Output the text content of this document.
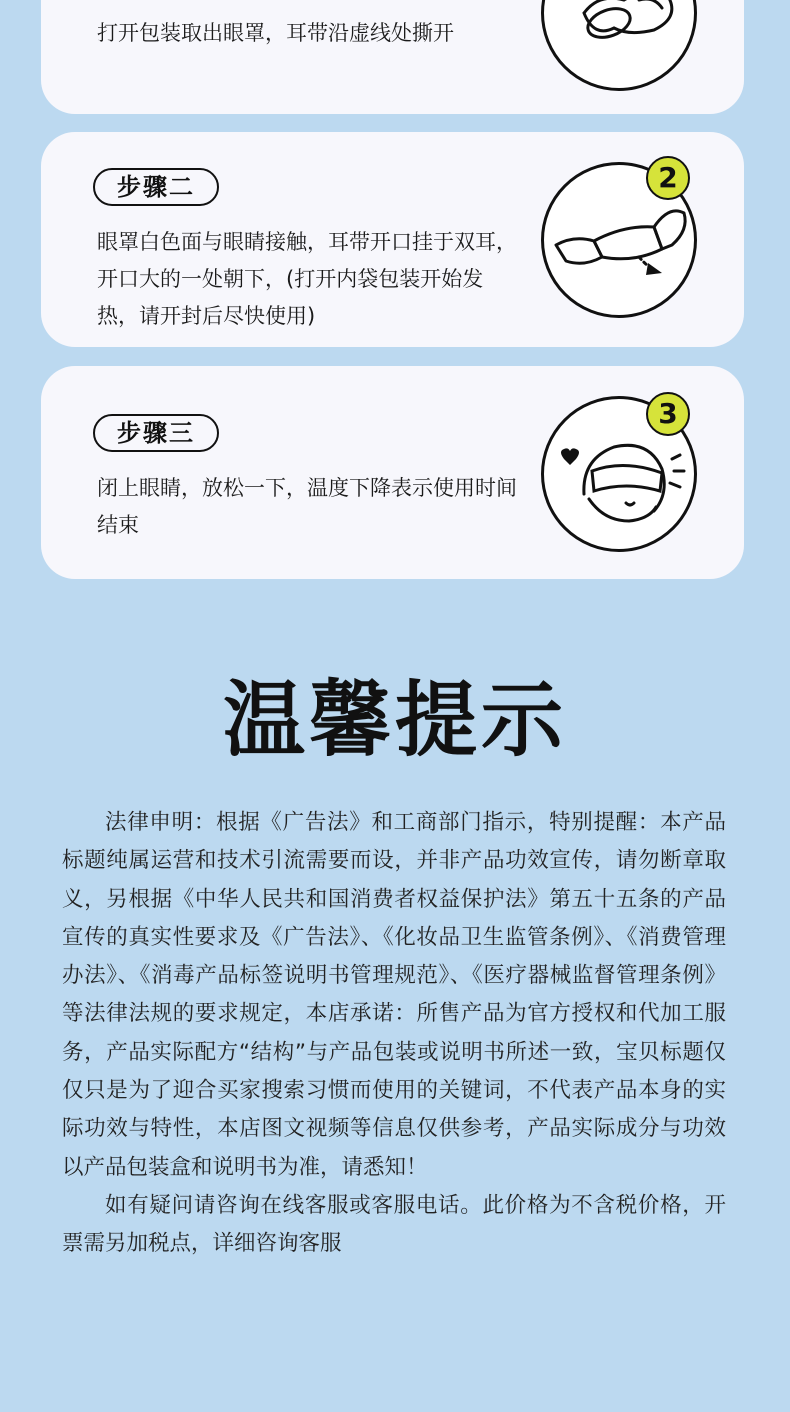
打开包装取出眼罩，耳带沿虚线处撕开
步骤二
眼罩白色面与眼睛接触，耳带开口挂于双耳，开口大的一处朝下，(打开内袋包装开始发热，请开封后尽快使用)
2
步骤三
闭上眼睛，放松一下，温度下降表示使用时间结束
3
温馨提示

法律申明：根据《广告法》和工商部门指示，特别提醒：本产品标题纯属运营和技术引流需要而设，并非产品功效宣传，请勿断章取义，另根据《中华人民共和国消费者权益保护法》第五十五条的产品宣传的真实性要求及《广告法》、《化妆品卫生监管条例》、《消费管理办法》、《消毒产品标签说明书管理规范》、《医疗器械监督管理条例》等法律法规的要求规定，本店承诺：所售产品为官方授权和代加工服务，产品实际配方“结构”与产品包装或说明书所述一致，宝贝标题仅仅只是为了迎合买家搜索习惯而使用的关键词，不代表产品本身的实际功效与特性，本店图文视频等信息仅供参考，产品实际成分与功效以产品包装盒和说明书为准，请悉知！

如有疑问请咨询在线客服或客服电话。此价格为不含税价格，开票需另加税点，详细咨询客服
